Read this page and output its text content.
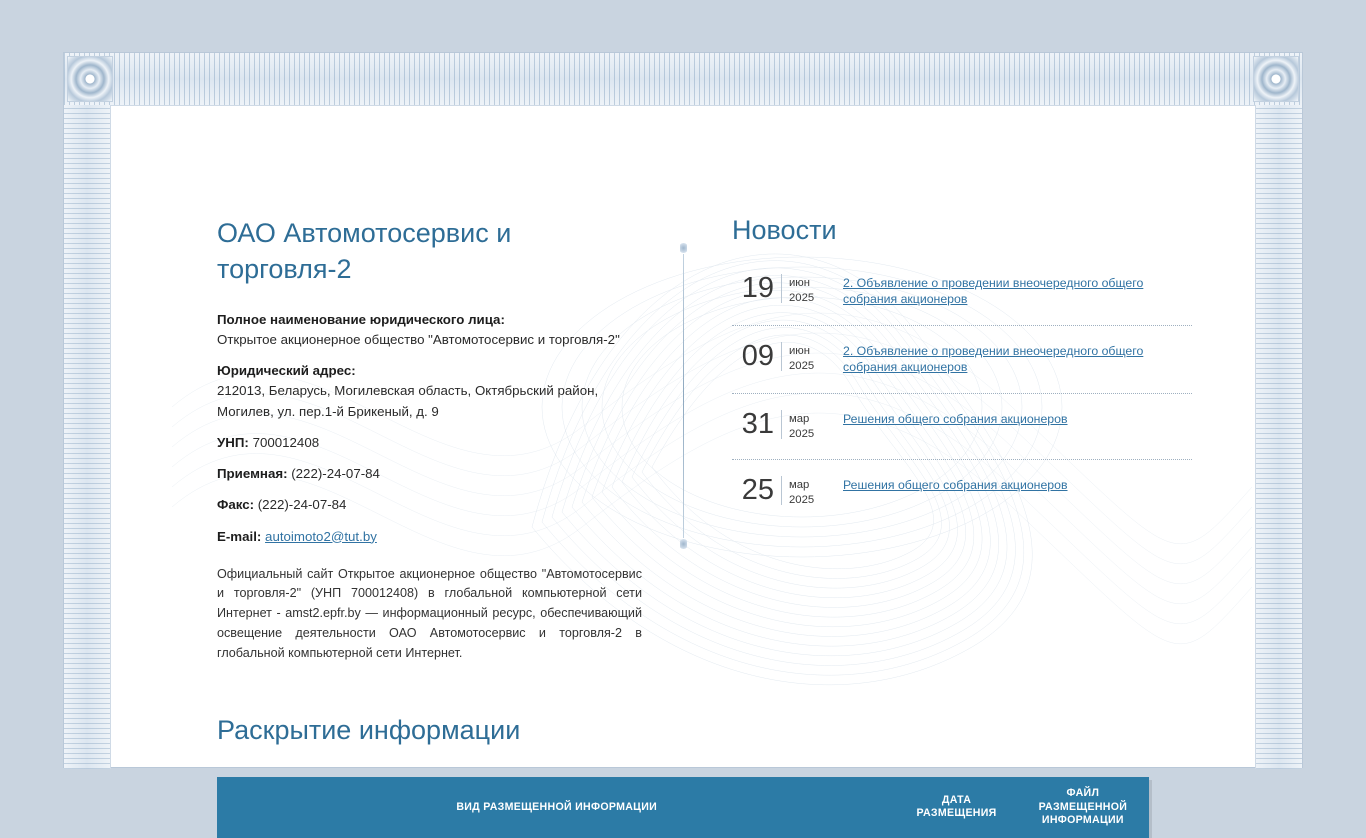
ОАО Автомотосервис и торговля-2

Полное наименование юридического лица:
Открытое акционерное общество "Автомотосервис и торговля-2"

Юридический адрес:
212013, Беларусь, Могилевская область, Октябрьский район, Могилев, ул. пер.1-й Брикеный, д. 9

УНП: 700012408

Приемная: (222)-24-07-84

Факс: (222)-24-07-84

E-mail: autoimoto2@tut.by

Официальный сайт Открытое акционерное общество "Автомотосервис и торговля-2" (УНП 700012408) в глобальной компьютерной сети Интернет - amst2.epfr.by — информационный ресурс, обеспечивающий освещение деятельности ОАО Автомотосервис и торговля-2 в глобальной компьютерной сети Интернет.

Новости
19	июн
2025
2. Объявление о проведении внеочередного общего собрания акционеров
09	июн
2025
2. Объявление о проведении внеочередного общего собрания акционеров
31	мар
2025
Решения общего собрания акционеров
25	мар
2025
Решения общего собрания акционеров
Раскрытие информации
ВИД РАЗМЕЩЕННОЙ ИНФОРМАЦИИ	ДАТА РАЗМЕЩЕНИЯ	ФАЙЛ РАЗМЕЩЕННОЙ ИНФОРМАЦИИ
